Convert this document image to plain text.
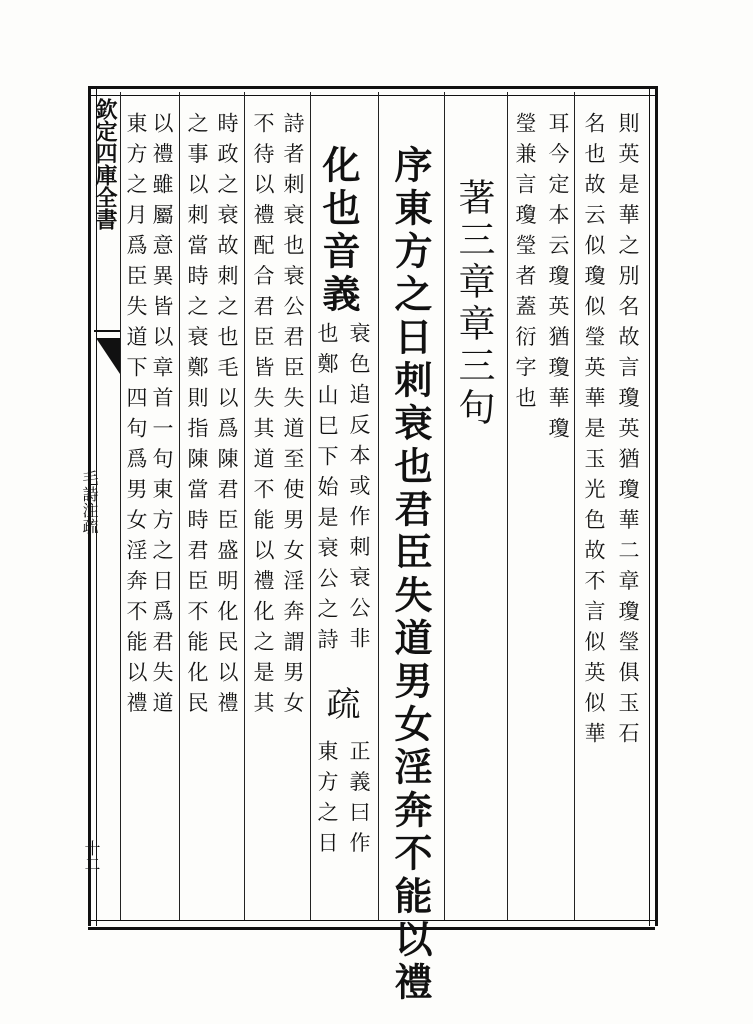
欽定四庫全書
毛詩注疏
十二
則英是華之別名故言瓊英猶瓊華二章瓊瑩俱玉石
名也故云似瓊似瑩英華是玉光色故不言似英似華
耳今定本云瓊英猶瓊華瓊
瑩兼言瓊瑩者蓋衍字也
著三章章三句
序東方之日刺衰也君臣失道男女淫奔不能以禮
化也音義
衰色追反本或作刺衰公非
也鄭
山巳下始是衰公之詩
疏
東方之日 正義曰作
詩者刺衰也衰公君臣失道至使男女淫奔謂男女
不待以禮配合君臣皆失其道不能以禮化之是其
時政之衰故刺之也毛以爲陳君臣盛明化民以禮
之事以刺當時之衰鄭則指陳當時君臣不能化民
以禮雖屬意異皆以章首一句東方之日爲君失道
東方之月爲臣失道下四句爲男女淫奔不能以禮
